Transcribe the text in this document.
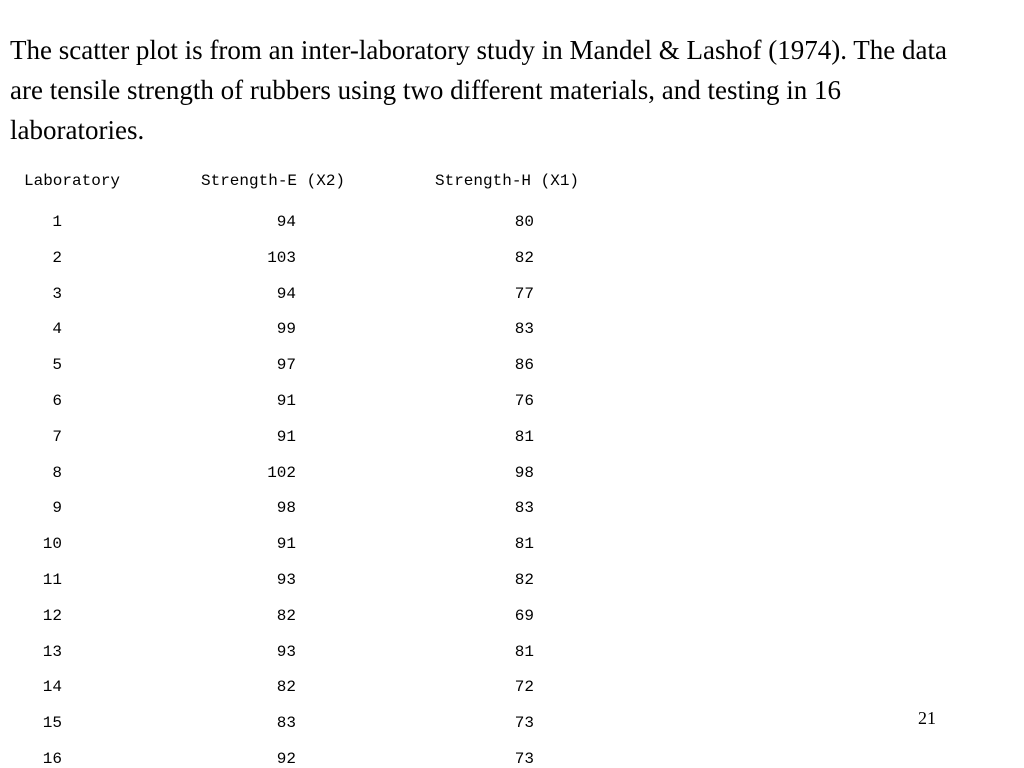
The scatter plot is from an inter-laboratory study in Mandel & Lashof (1974). The data are tensile strength of rubbers using two different materials, and testing in 16 laboratories.

Laboratory	Strength-E (X2)	Strength-H (X1)
1	94	80
2	103	82
3	94	77
4	99	83
5	97	86
6	91	76
7	91	81
8	102	98
9	98	83
10	91	81
11	93	82
12	82	69
13	93	81
14	82	72
15	83	73
16	92	73
21
